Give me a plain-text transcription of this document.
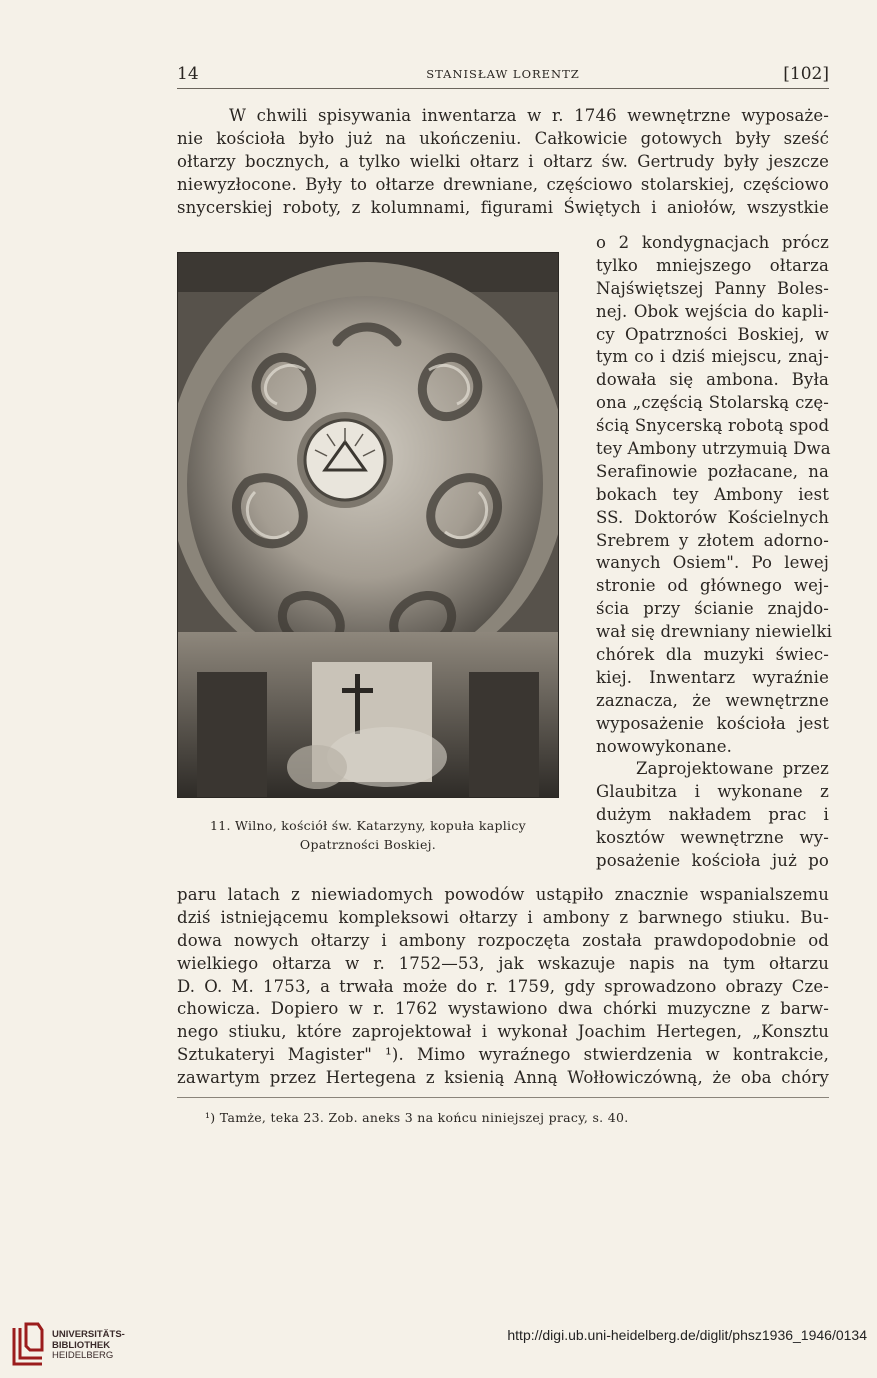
14	STANISŁAW LORENTZ	[102]
W chwili spisywania inwentarza w r. 1746 wewnętrzne wyposaże-
nie kościoła było już na ukończeniu. Całkowicie gotowych były sześć
ołtarzy bocznych, a tylko wielki ołtarz i ołtarz św. Gertrudy były jeszcze
niewyzłocone. Były to ołtarze drewniane, częściowo stolarskiej, częściowo
snycerskiej roboty, z kolumnami, figurami Świętych i aniołów, wszystkie
11. Wilno, kościół św. Katarzyny, kopuła kaplicy
Opatrzności Boskiej.
o 2 kondygnacjach prócz
tylko mniejszego ołtarza
Najświętszej Panny Boles-
nej. Obok wejścia do kapli-
cy Opatrzności Boskiej, w
tym co i dziś miejscu, znaj-
dowała się ambona. Była
ona „częścią Stolarską czę-
ścią Snycerską robotą spod
tey Ambony utrzymuią Dwa
Serafinowie pozłacane, na
bokach tey Ambony iest
SS. Doktorów Kościelnych
Srebrem y złotem adorno-
wanych Osiem". Po lewej
stronie od głównego wej-
ścia przy ścianie znajdo-
wał się drewniany niewielki
chórek dla muzyki świec-
kiej. Inwentarz wyraźnie
zaznacza, że wewnętrzne
wyposażenie kościoła jest
nowowykonane.
Zaprojektowane przez
Glaubitza i wykonane z
dużym nakładem prac i
kosztów wewnętrzne wy-
posażenie kościoła już po
paru latach z niewiadomych powodów ustąpiło znacznie wspanialszemu
dziś istniejącemu kompleksowi ołtarzy i ambony z barwnego stiuku. Bu-
dowa nowych ołtarzy i ambony rozpoczęta została prawdopodobnie od
wielkiego ołtarza w r. 1752—53, jak wskazuje napis na tym ołtarzu
D. O. M. 1753, a trwała może do r. 1759, gdy sprowadzono obrazy Cze-
chowicza. Dopiero w r. 1762 wystawiono dwa chórki muzyczne z barw-
nego stiuku, które zaprojektował i wykonał Joachim Hertegen, „Konsztu
Sztukateryi Magister" ¹). Mimo wyraźnego stwierdzenia w kontrakcie,
zawartym przez Hertegena z ksienią Anną Wołłowiczówną, że oba chóry
¹) Tamże, teka 23. Zob. aneks 3 na końcu niniejszej pracy, s. 40.
UNIVERSITÄTS-
BIBLIOTHEK
HEIDELBERG
http://digi.ub.uni-heidelberg.de/diglit/phsz1936_1946/0134
